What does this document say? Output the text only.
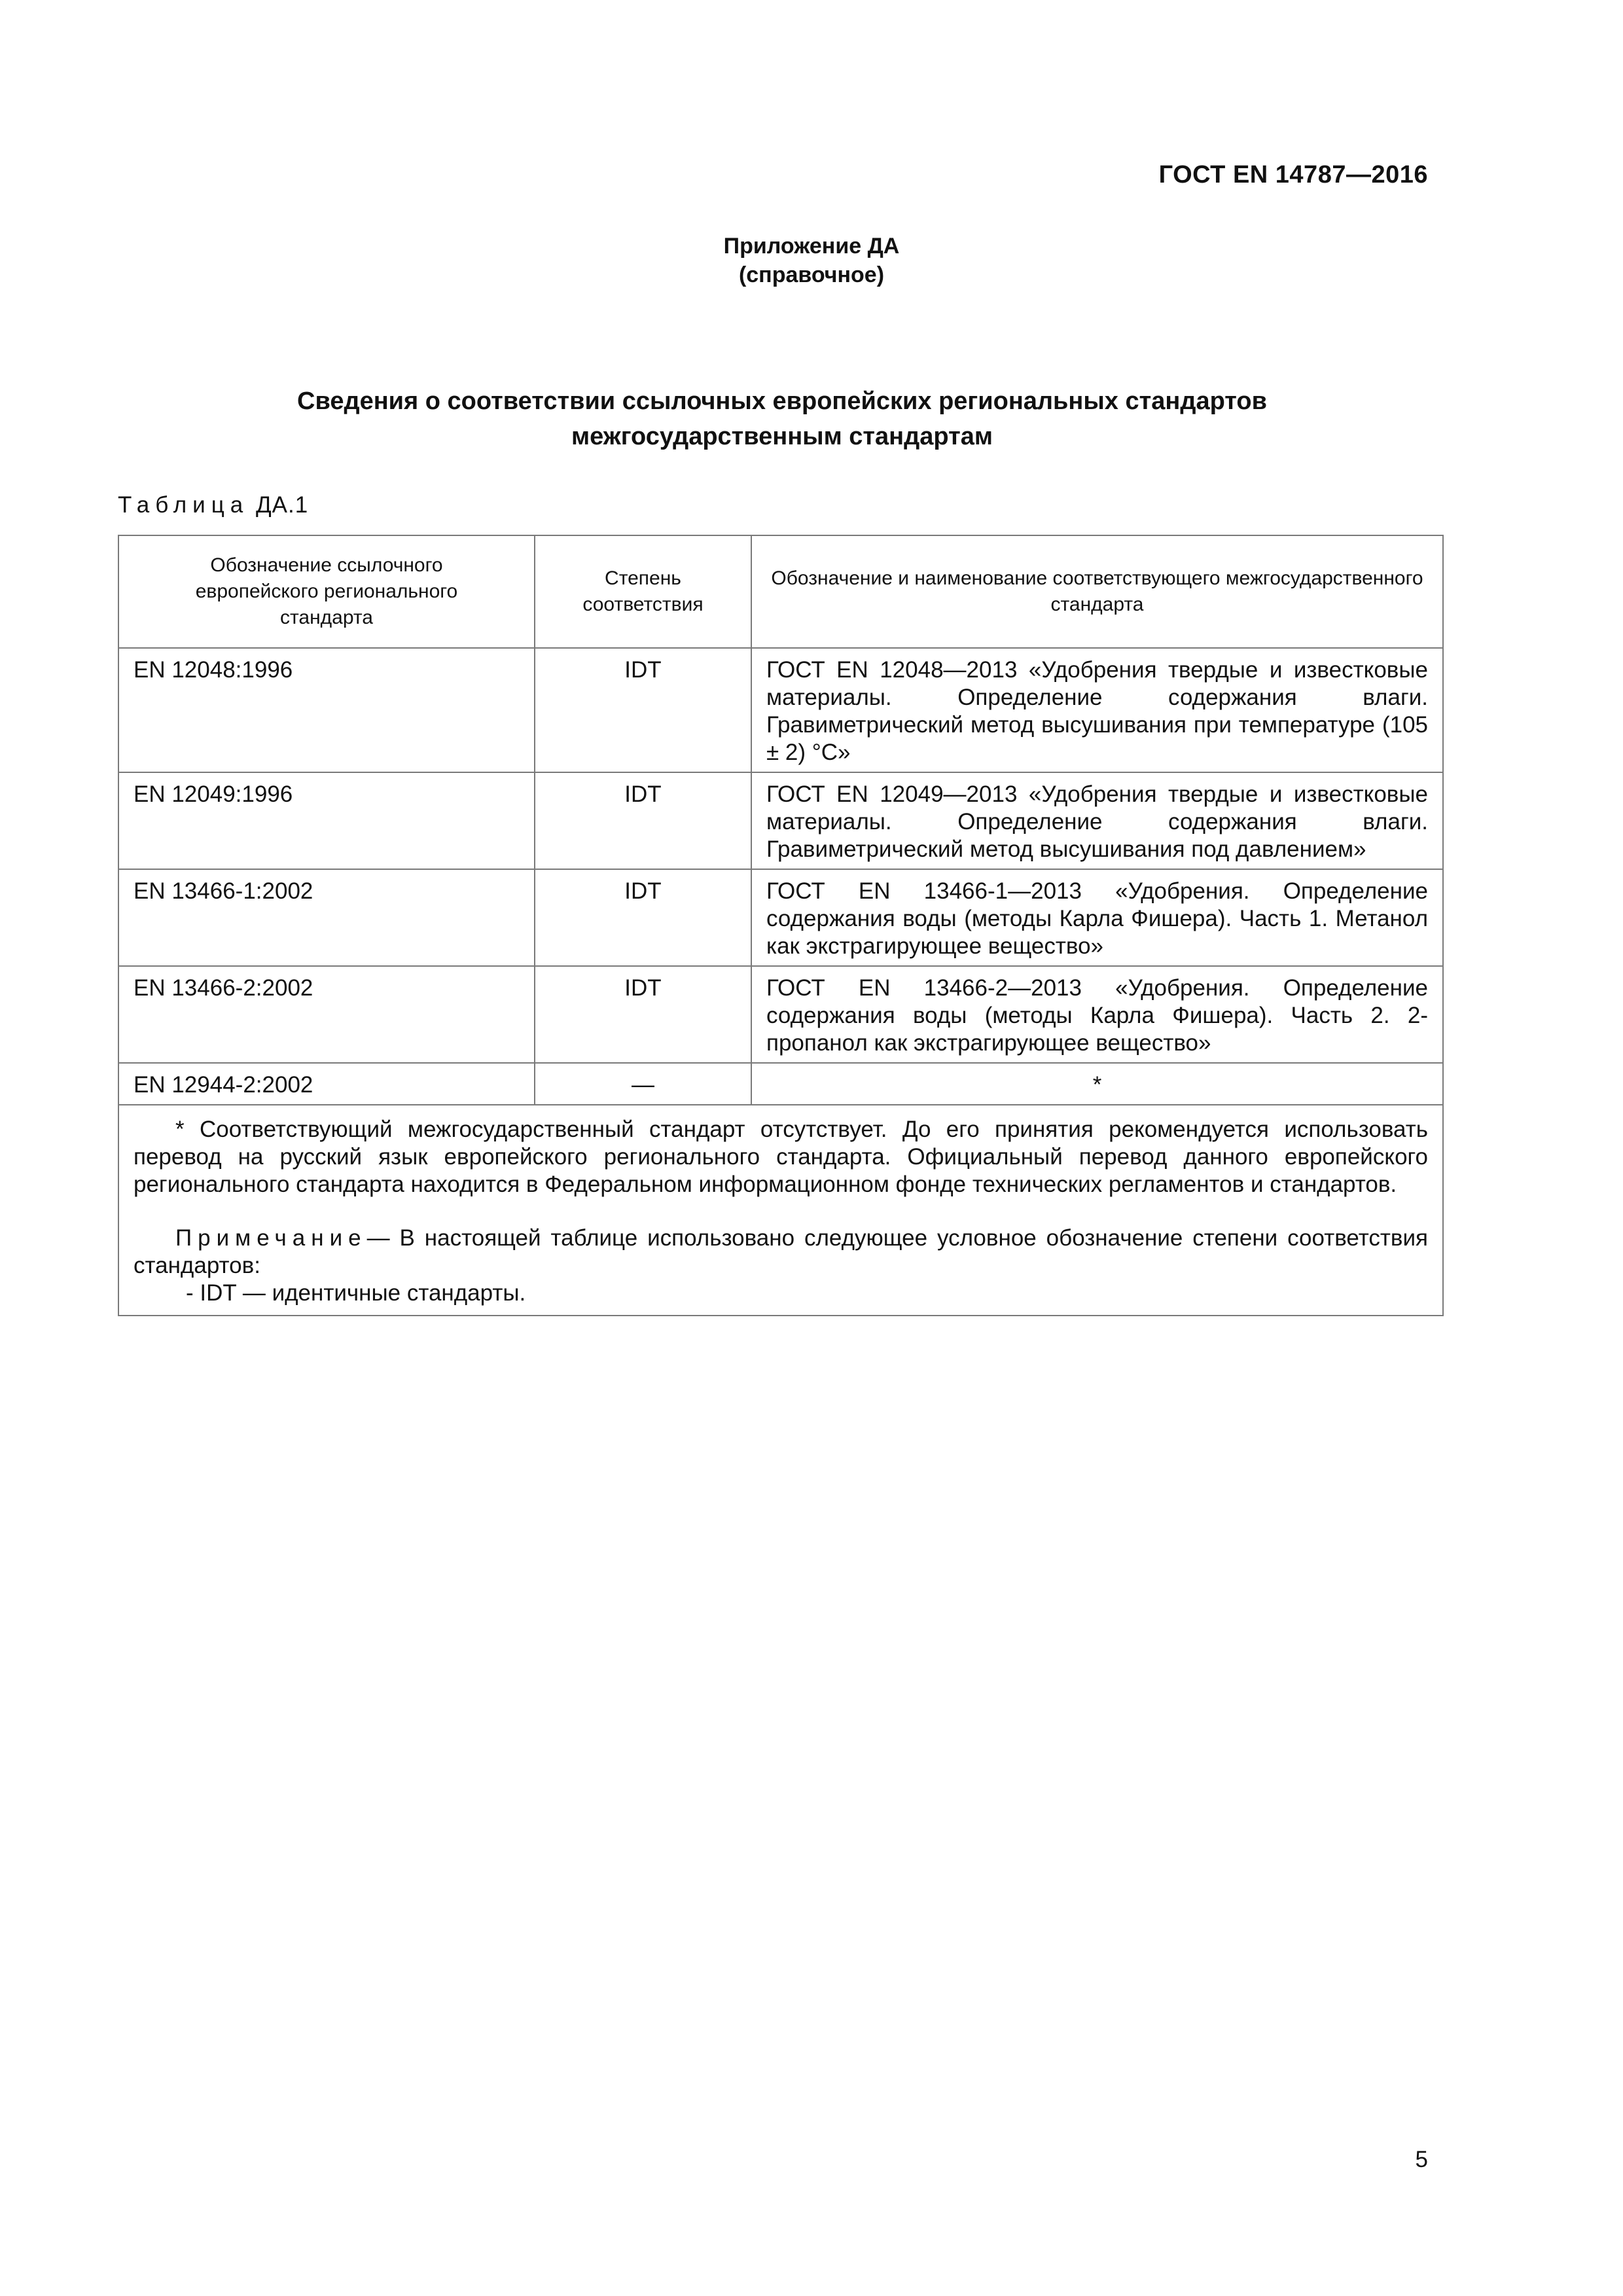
ГОСТ EN 14787—2016
Приложение ДА
(справочное)
Сведения о соответствии ссылочных европейских региональных стандартов
межгосударственным стандартам
Таблица ДА.1
Обозначение ссылочного европейского регионального стандарта	Степень соответствия	Обозначение и наименование соответствующего межгосударственного стандарта
EN 12048:1996	IDT	ГОСТ EN 12048—2013 «Удобрения твердые и известковые материалы. Определение содержания влаги. Гравиметрический метод высушивания при температуре (105 ± 2) °С»
EN 12049:1996	IDT	ГОСТ EN 12049—2013 «Удобрения твердые и известковые материалы. Определение содержания влаги. Гравиметрический метод высушивания под давлением»
EN 13466-1:2002	IDT	ГОСТ EN 13466-1—2013 «Удобрения. Определение содержания воды (методы Карла Фишера). Часть 1. Метанол как экстрагирующее вещество»
EN 13466-2:2002	IDT	ГОСТ EN 13466-2—2013 «Удобрения. Определение содержания воды (методы Карла Фишера). Часть 2. 2-пропанол как экстрагирующее вещество»
EN 12944-2:2002	—	*

* Соответствующий межгосударственный стандарт отсутствует. До его принятия рекомендуется использовать перевод на русский язык европейского регионального стандарта. Официальный перевод данного европейского регионального стандарта находится в Федеральном информационном фонде технических регламентов и стандартов.

Примечание— В настоящей таблице использовано следующее условное обозначение степени соответствия стандартов:

- IDT — идентичные стандарты.		

5
